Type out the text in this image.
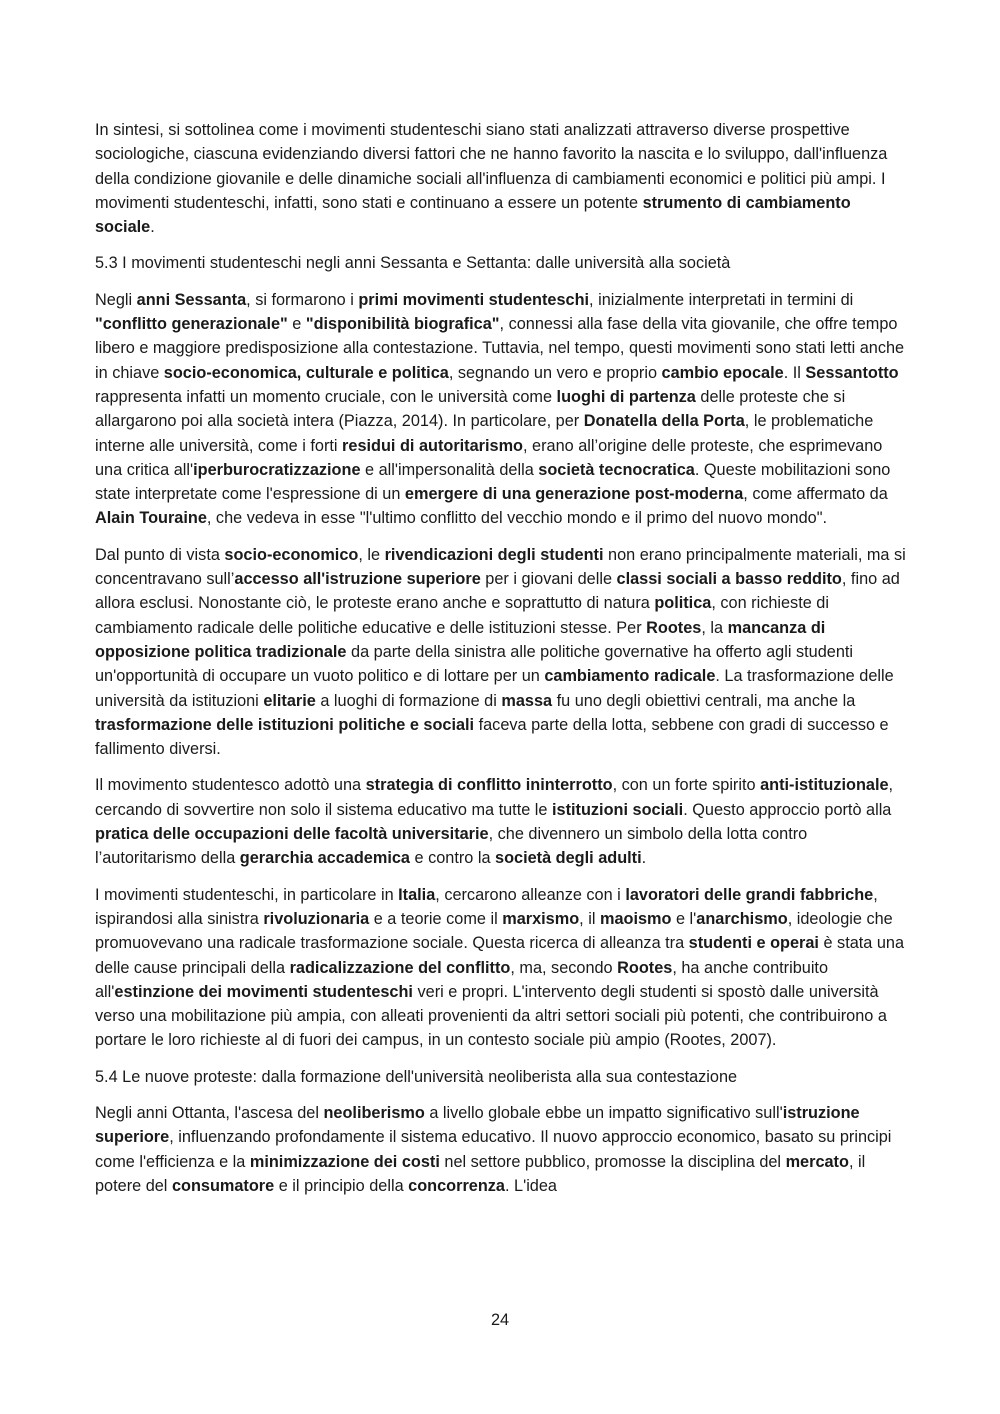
In sintesi, si sottolinea come i movimenti studenteschi siano stati analizzati attraverso diverse prospettive sociologiche, ciascuna evidenziando diversi fattori che ne hanno favorito la nascita e lo sviluppo, dall'influenza della condizione giovanile e delle dinamiche sociali all'influenza di cambiamenti economici e politici più ampi. I movimenti studenteschi, infatti, sono stati e continuano a essere un potente strumento di cambiamento sociale.

5.3 I movimenti studenteschi negli anni Sessanta e Settanta: dalle università alla società

Negli anni Sessanta, si formarono i primi movimenti studenteschi, inizialmente interpretati in termini di "conflitto generazionale" e "disponibilità biografica", connessi alla fase della vita giovanile, che offre tempo libero e maggiore predisposizione alla contestazione. Tuttavia, nel tempo, questi movimenti sono stati letti anche in chiave socio-economica, culturale e politica, segnando un vero e proprio cambio epocale. Il Sessantotto rappresenta infatti un momento cruciale, con le università come luoghi di partenza delle proteste che si allargarono poi alla società intera (Piazza, 2014). In particolare, per Donatella della Porta, le problematiche interne alle università, come i forti residui di autoritarismo, erano all’origine delle proteste, che esprimevano una critica all'iperburocratizzazione e all'impersonalità della società tecnocratica. Queste mobilitazioni sono state interpretate come l'espressione di un emergere di una generazione post-moderna, come affermato da Alain Touraine, che vedeva in esse "l'ultimo conflitto del vecchio mondo e il primo del nuovo mondo".

Dal punto di vista socio-economico, le rivendicazioni degli studenti non erano principalmente materiali, ma si concentravano sull’accesso all'istruzione superiore per i giovani delle classi sociali a basso reddito, fino ad allora esclusi. Nonostante ciò, le proteste erano anche e soprattutto di natura politica, con richieste di cambiamento radicale delle politiche educative e delle istituzioni stesse. Per Rootes, la mancanza di opposizione politica tradizionale da parte della sinistra alle politiche governative ha offerto agli studenti un'opportunità di occupare un vuoto politico e di lottare per un cambiamento radicale. La trasformazione delle università da istituzioni elitarie a luoghi di formazione di massa fu uno degli obiettivi centrali, ma anche la trasformazione delle istituzioni politiche e sociali faceva parte della lotta, sebbene con gradi di successo e fallimento diversi.

Il movimento studentesco adottò una strategia di conflitto ininterrotto, con un forte spirito anti-istituzionale, cercando di sovvertire non solo il sistema educativo ma tutte le istituzioni sociali. Questo approccio portò alla pratica delle occupazioni delle facoltà universitarie, che divennero un simbolo della lotta contro l’autoritarismo della gerarchia accademica e contro la società degli adulti.

I movimenti studenteschi, in particolare in Italia, cercarono alleanze con i lavoratori delle grandi fabbriche, ispirandosi alla sinistra rivoluzionaria e a teorie come il marxismo, il maoismo e l'anarchismo, ideologie che promuovevano una radicale trasformazione sociale. Questa ricerca di alleanza tra studenti e operai è stata una delle cause principali della radicalizzazione del conflitto, ma, secondo Rootes, ha anche contribuito all'estinzione dei movimenti studenteschi veri e propri. L'intervento degli studenti si spostò dalle università verso una mobilitazione più ampia, con alleati provenienti da altri settori sociali più potenti, che contribuirono a portare le loro richieste al di fuori dei campus, in un contesto sociale più ampio (Rootes, 2007).

5.4 Le nuove proteste: dalla formazione dell'università neoliberista alla sua contestazione

Negli anni Ottanta, l'ascesa del neoliberismo a livello globale ebbe un impatto significativo sull'istruzione superiore, influenzando profondamente il sistema educativo. Il nuovo approccio economico, basato su principi come l'efficienza e la minimizzazione dei costi nel settore pubblico, promosse la disciplina del mercato, il potere del consumatore e il principio della concorrenza. L'idea

24
